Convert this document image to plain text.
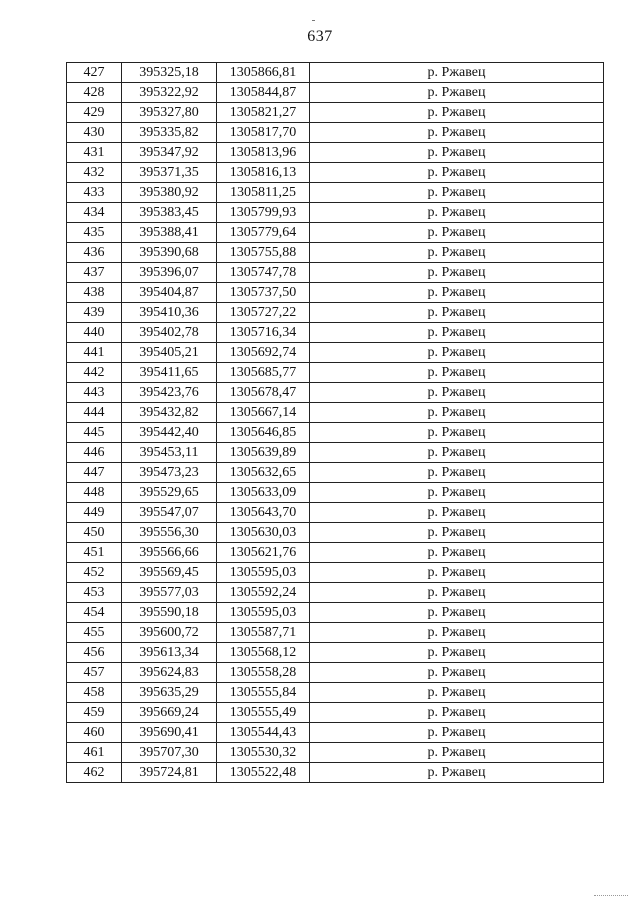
637
427	395325,18	1305866,81	р. Ржавец
428	395322,92	1305844,87	р. Ржавец
429	395327,80	1305821,27	р. Ржавец
430	395335,82	1305817,70	р. Ржавец
431	395347,92	1305813,96	р. Ржавец
432	395371,35	1305816,13	р. Ржавец
433	395380,92	1305811,25	р. Ржавец
434	395383,45	1305799,93	р. Ржавец
435	395388,41	1305779,64	р. Ржавец
436	395390,68	1305755,88	р. Ржавец
437	395396,07	1305747,78	р. Ржавец
438	395404,87	1305737,50	р. Ржавец
439	395410,36	1305727,22	р. Ржавец
440	395402,78	1305716,34	р. Ржавец
441	395405,21	1305692,74	р. Ржавец
442	395411,65	1305685,77	р. Ржавец
443	395423,76	1305678,47	р. Ржавец
444	395432,82	1305667,14	р. Ржавец
445	395442,40	1305646,85	р. Ржавец
446	395453,11	1305639,89	р. Ржавец
447	395473,23	1305632,65	р. Ржавец
448	395529,65	1305633,09	р. Ржавец
449	395547,07	1305643,70	р. Ржавец
450	395556,30	1305630,03	р. Ржавец
451	395566,66	1305621,76	р. Ржавец
452	395569,45	1305595,03	р. Ржавец
453	395577,03	1305592,24	р. Ржавец
454	395590,18	1305595,03	р. Ржавец
455	395600,72	1305587,71	р. Ржавец
456	395613,34	1305568,12	р. Ржавец
457	395624,83	1305558,28	р. Ржавец
458	395635,29	1305555,84	р. Ржавец
459	395669,24	1305555,49	р. Ржавец
460	395690,41	1305544,43	р. Ржавец
461	395707,30	1305530,32	р. Ржавец
462	395724,81	1305522,48	р. Ржавец
